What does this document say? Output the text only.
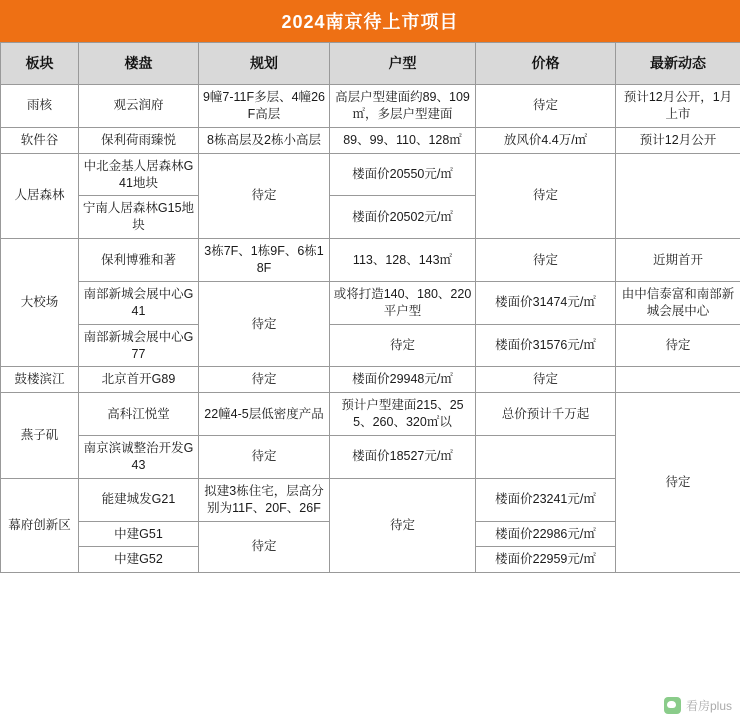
2024南京待上市项目
板块	楼盘	规划	户型	价格	最新动态
雨核	观云润府	9幢7-11F多层、4幢26F高层	高层户型建面约89、109㎡，多层户型建面	待定	预计12月公开，1月上市
软件谷	保利荷雨臻悦	8栋高层及2栋小高层	89、99、110、128㎡	放风价4.4万/㎡	预计12月公开
人居森林	中北金基人居森林G41地块	待定	楼面价20550元/㎡	待定	
	宁南人居森林G15地块		楼面价20502元/㎡		
大校场	保利博雅和著	3栋7F、1栋9F、6栋18F	113、128、143㎡	待定	近期首开
	南部新城会展中心G41	待定	或将打造140、180、220平户型	楼面价31474元/㎡	由中信泰富和南部新城会展中心
	南部新城会展中心G77		待定	楼面价31576元/㎡	待定
鼓楼滨江	北京首开G89	待定	楼面价29948元/㎡	待定	
燕子矶	高科江悦堂	22幢4-5层低密度产品	预计户型建面215、255、260、320㎡以	总价预计千万起	待定
	南京滨诚整治开发G43	待定	楼面价18527元/㎡		
幕府创新区	能建城发G21	拟建3栋住宅，层高分别为11F、20F、26F	待定	楼面价23241元/㎡	
	中建G51	待定		楼面价22986元/㎡	
	中建G52			楼面价22959元/㎡	
看房plus
